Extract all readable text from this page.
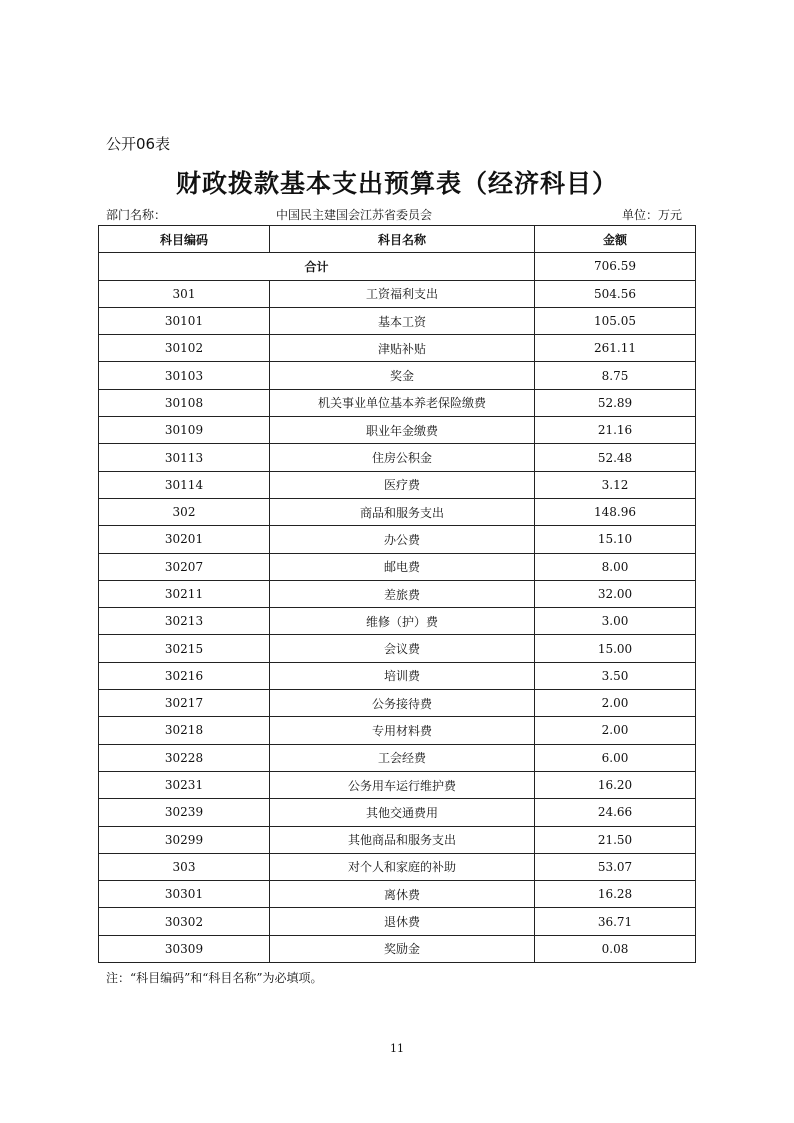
公开06表
财政拨款基本支出预算表（经济科目）
部门名称：	中国民主建国会江苏省委员会	单位：万元
科目编码	科目名称	金额
合计		706.59
301	工资福利支出	504.56
30101	基本工资	105.05
30102	津贴补贴	261.11
30103	奖金	8.75
30108	机关事业单位基本养老保险缴费	52.89
30109	职业年金缴费	21.16
30113	住房公积金	52.48
30114	医疗费	3.12
302	商品和服务支出	148.96
30201	办公费	15.10
30207	邮电费	8.00
30211	差旅费	32.00
30213	维修（护）费	3.00
30215	会议费	15.00
30216	培训费	3.50
30217	公务接待费	2.00
30218	专用材料费	2.00
30228	工会经费	6.00
30231	公务用车运行维护费	16.20
30239	其他交通费用	24.66
30299	其他商品和服务支出	21.50
303	对个人和家庭的补助	53.07
30301	离休费	16.28
30302	退休费	36.71
30309	奖励金	0.08
注：“科目编码”和“科目名称”为必填项。
11
